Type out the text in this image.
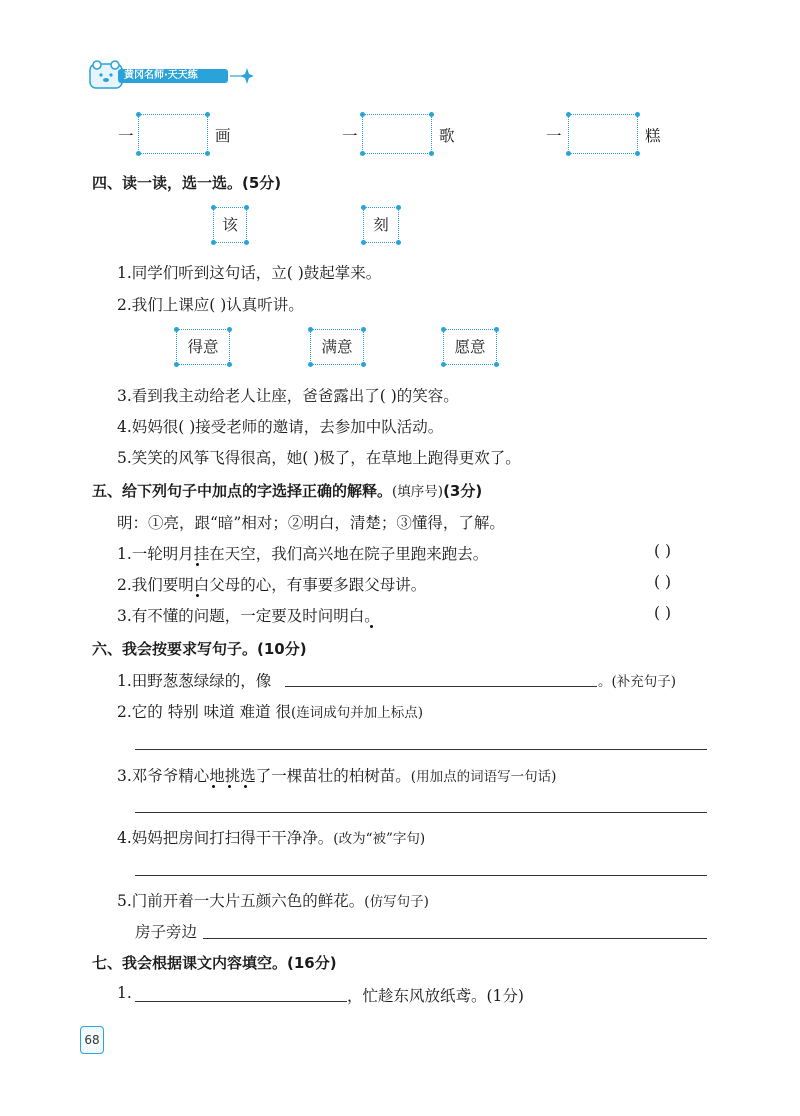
黄冈名师·天天练
一	画	一	歌	一	糕
四、读一读，选一选。(5分)
该	刻
1.同学们听到这句话，立( )鼓起掌来。
2.我们上课应( )认真听讲。
得意	满意	愿意
3.看到我主动给老人让座，爸爸露出了( )的笑容。
4.妈妈很( )接受老师的邀请，去参加中队活动。
5.笑笑的风筝飞得很高，她( )极了，在草地上跑得更欢了。
五、给下列句子中加点的字选择正确的解释。(填序号)(3分)
明：①亮，跟“暗”相对；②明白，清楚；③懂得，了解。
1.一轮明月挂在天空，我们高兴地在院子里跑来跑去。	( )
2.我们要明白父母的心，有事要多跟父母讲。	( )
3.有不懂的问题，一定要及时问明白。	( )
六、我会按要求写句子。(10分)
1.田野葱葱绿绿的，像	。(补充句子)
2.它的 特别 味道 难道 很(连词成句并加上标点)
3.邓爷爷精心地挑选了一棵苗壮的柏树苗。(用加点的词语写一句话)
4.妈妈把房间打扫得干干净净。(改为“被”字句)
5.门前开着一大片五颜六色的鲜花。(仿写句子)
房子旁边
七、我会根据课文内容填空。(16分)
1.	，忙趁东风放纸鸢。(1分)
68
